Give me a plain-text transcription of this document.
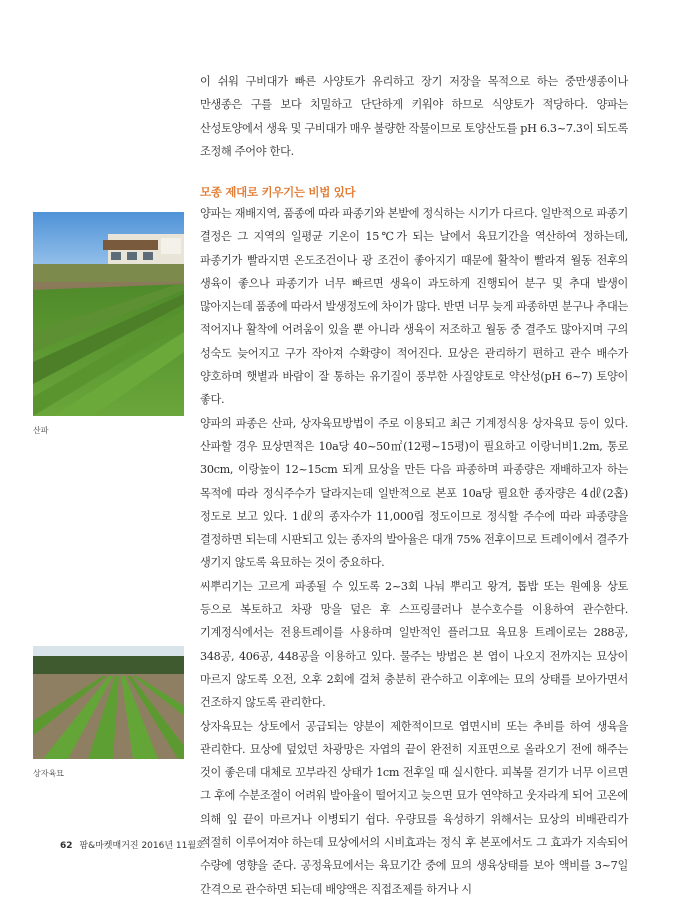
이 쉬워 구비대가 빠른 사양토가 유리하고 장기 저장을 목적으로 하는 중만생종이나 만생종은 구를 보다 치밀하고 단단하게 키워야 하므로 식양토가 적당하다. 양파는 산성토양에서 생육 및 구비대가 매우 불량한 작물이므로 토양산도를 pH 6.3~7.3이 되도록 조정해 주어야 한다.

모종 제대로 키우기는 비법 있다

양파는 재배지역, 품종에 따라 파종기와 본밭에 정식하는 시기가 다르다. 일반적으로 파종기 결정은 그 지역의 일평균 기온이 15℃가 되는 날에서 육묘기간을 역산하여 정하는데, 파종기가 빨라지면 온도조건이나 광 조건이 좋아지기 때문에 활착이 빨라져 월동 전후의 생육이 좋으나 파종기가 너무 빠르면 생육이 과도하게 진행되어 분구 및 추대 발생이 많아지는데 품종에 따라서 발생정도에 차이가 많다. 반면 너무 늦게 파종하면 분구나 추대는 적어지나 활착에 어려움이 있을 뿐 아니라 생육이 저조하고 월동 중 결주도 많아지며 구의 성숙도 늦어지고 구가 작아져 수확량이 적어진다. 묘상은 관리하기 편하고 관수 배수가 양호하며 햇볕과 바람이 잘 통하는 유기질이 풍부한 사질양토로 약산성(pH 6~7) 토양이 좋다.

양파의 파종은 산파, 상자육묘방법이 주로 이용되고 최근 기계정식용 상자육묘 등이 있다. 산파할 경우 묘상면적은 10a당 40~50㎡(12평~15평)이 필요하고 이랑너비1.2m, 통로 30cm, 이랑높이 12~15cm 되게 묘상을 만든 다음 파종하며 파종량은 재배하고자 하는 목적에 따라 정식주수가 달라지는데 일반적으로 본포 10a당 필요한 종자량은 4㎗(2홉)정도로 보고 있다. 1㎗의 종자수가 11,000립 정도이므로 정식할 주수에 따라 파종량을 결정하면 되는데 시판되고 있는 종자의 발아율은 대개 75% 전후이므로 트레이에서 결주가 생기지 않도록 육묘하는 것이 중요하다.

씨뿌리기는 고르게 파종될 수 있도록 2~3회 나눠 뿌리고 왕겨, 톱밥 또는 원예용 상토 등으로 복토하고 차광 망을 덮은 후 스프링클러나 분수호수를 이용하여 관수한다. 기계정식에서는 전용트레이를 사용하며 일반적인 플러그묘 육묘용 트레이로는 288공, 348공, 406공, 448공을 이용하고 있다. 물주는 방법은 본 엽이 나오지 전까지는 묘상이 마르지 않도록 오전, 오후 2회에 걸쳐 충분히 관수하고 이후에는 묘의 상태를 보아가면서 건조하지 않도록 관리한다.

상자육묘는 상토에서 공급되는 양분이 제한적이므로 엽면시비 또는 추비를 하여 생육을 관리한다. 묘상에 덮었던 차광망은 자엽의 끝이 완전히 지표면으로 올라오기 전에 해주는 것이 좋은데 대체로 꼬부라진 상태가 1cm 전후일 때 실시한다. 피복물 걷기가 너무 이르면 그 후에 수분조절이 어려워 발아율이 떨어지고 늦으면 묘가 연약하고 웃자라게 되어 고온에 의해 잎 끝이 마르거나 이병되기 쉽다. 우량묘를 육성하기 위해서는 묘상의 비배관리가 적절히 이루어져야 하는데 묘상에서의 시비효과는 정식 후 본포에서도 그 효과가 지속되어 수량에 영향을 준다. 공정육묘에서는 육묘기간 중에 묘의 생육상태를 보아 액비를 3~7일 간격으로 관수하면 되는데 배양액은 직접조제를 하거나 시

산파
상자육묘
62 팜&마켓매거진 2016년 11월호
